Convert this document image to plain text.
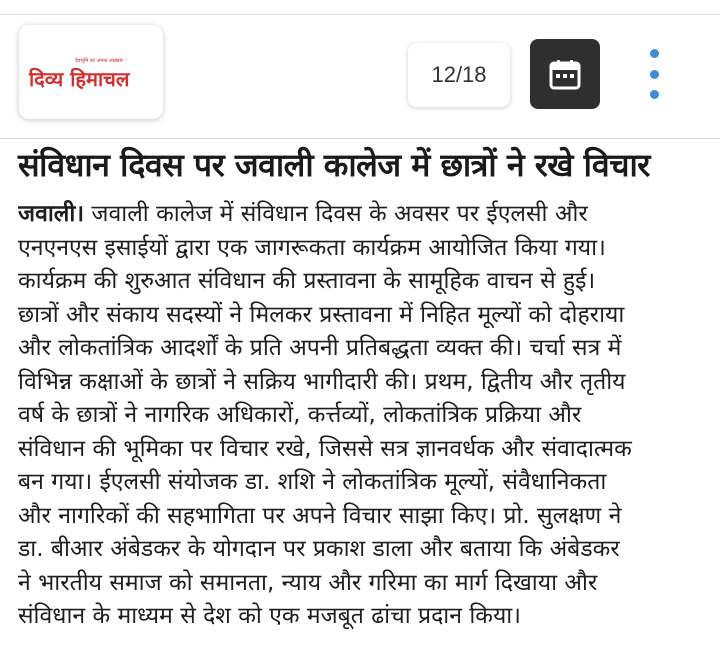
देवभूमि का अपना अख़बार
दिव्य हिमाचल	12/18
संविधान दिवस पर जवाली कालेज में छात्रों ने रखे विचार
जवाली। जवाली कालेज में संविधान दिवस के अवसर पर ईएलसी और
एनएनएस इसाईयों द्वारा एक जागरूकता कार्यक्रम आयोजित किया गया।
कार्यक्रम की शुरुआत संविधान की प्रस्तावना के सामूहिक वाचन से हुई।
छात्रों और संकाय सदस्यों ने मिलकर प्रस्तावना में निहित मूल्यों को दोहराया
और लोकतांत्रिक आदर्शों के प्रति अपनी प्रतिबद्धता व्यक्त की। चर्चा सत्र में
विभिन्न कक्षाओं के छात्रों ने सक्रिय भागीदारी की। प्रथम, द्वितीय और तृतीय
वर्ष के छात्रों ने नागरिक अधिकारों, कर्त्तव्यों, लोकतांत्रिक प्रक्रिया और
संविधान की भूमिका पर विचार रखे, जिससे सत्र ज्ञानवर्धक और संवादात्मक
बन गया। ईएलसी संयोजक डा. शशि ने लोकतांत्रिक मूल्यों, संवैधानिकता
और नागरिकों की सहभागिता पर अपने विचार साझा किए। प्रो. सुलक्षण ने
डा. बीआर अंबेडकर के योगदान पर प्रकाश डाला और बताया कि अंबेडकर
ने भारतीय समाज को समानता, न्याय और गरिमा का मार्ग दिखाया और
संविधान के माध्यम से देश को एक मजबूत ढांचा प्रदान किया।
